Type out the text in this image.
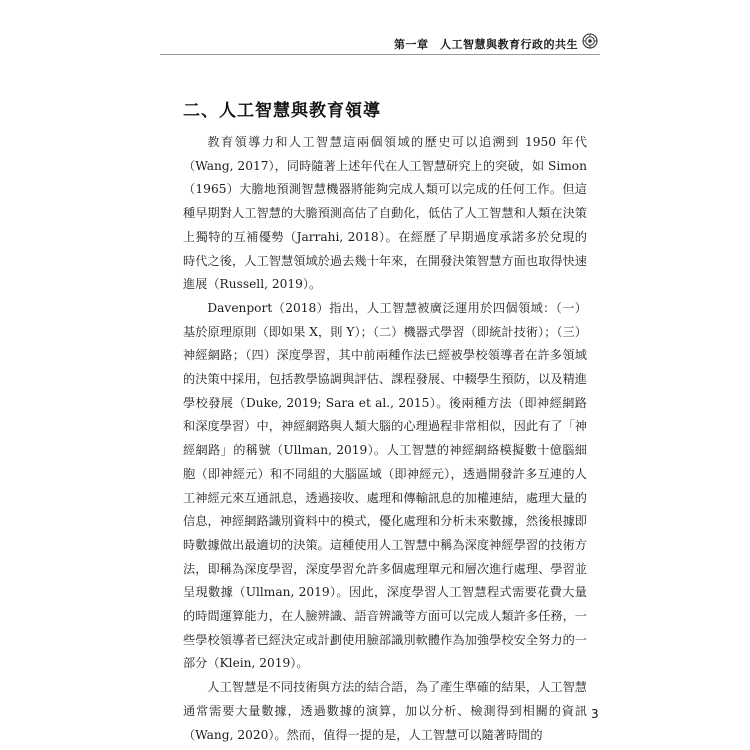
第一章　人工智慧與教育行政的共生
二、人工智慧與教育領導

教育領導力和人工智慧這兩個領域的歷史可以追溯到 1950 年代（Wang, 2017），同時隨著上述年代在人工智慧研究上的突破，如 Simon（1965）大膽地預測智慧機器將能夠完成人類可以完成的任何工作。但這種早期對人工智慧的大膽預測高估了自動化，低估了人工智慧和人類在決策上獨特的互補優勢（Jarrahi, 2018）。在經歷了早期過度承諾多於兌現的時代之後，人工智慧領域於過去幾十年來，在開發決策智慧方面也取得快速進展（Russell, 2019）。

Davenport（2018）指出，人工智慧被廣泛運用於四個領域：（一）基於原理原則（即如果 X，則 Y）；（二）機器式學習（即統計技術）；（三）神經網路；（四）深度學習，其中前兩種作法已經被學校領導者在許多領域的決策中採用，包括教學協調與評估、課程發展、中輟學生預防，以及精進學校發展（Duke, 2019; Sara et al., 2015）。後兩種方法（即神經網路和深度學習）中，神經網路與人類大腦的心理過程非常相似，因此有了「神經網路」的稱號（Ullman, 2019）。人工智慧的神經網絡模擬數十億腦細胞（即神經元）和不同組的大腦區域（即神經元），透過開發許多互連的人工神經元來互通訊息，透過接收、處理和傳輸訊息的加權連結，處理大量的信息，神經網路識別資料中的模式，優化處理和分析未來數據，然後根據即時數據做出最適切的決策。這種使用人工智慧中稱為深度神經學習的技術方法，即稱為深度學習，深度學習允許多個處理單元和層次進行處理、學習並呈現數據（Ullman, 2019）。因此，深度學習人工智慧程式需要花費大量的時間運算能力，在人臉辨識、語音辨識等方面可以完成人類許多任務，一些學校領導者已經決定或計劃使用臉部識別軟體作為加強學校安全努力的一部分（Klein, 2019）。

人工智慧是不同技術與方法的結合語，為了產生準確的結果，人工智慧通常需要大量數據，透過數據的演算，加以分析、檢測得到相關的資訊（Wang, 2020）。然而，值得一提的是，人工智慧可以隨著時間的

3
